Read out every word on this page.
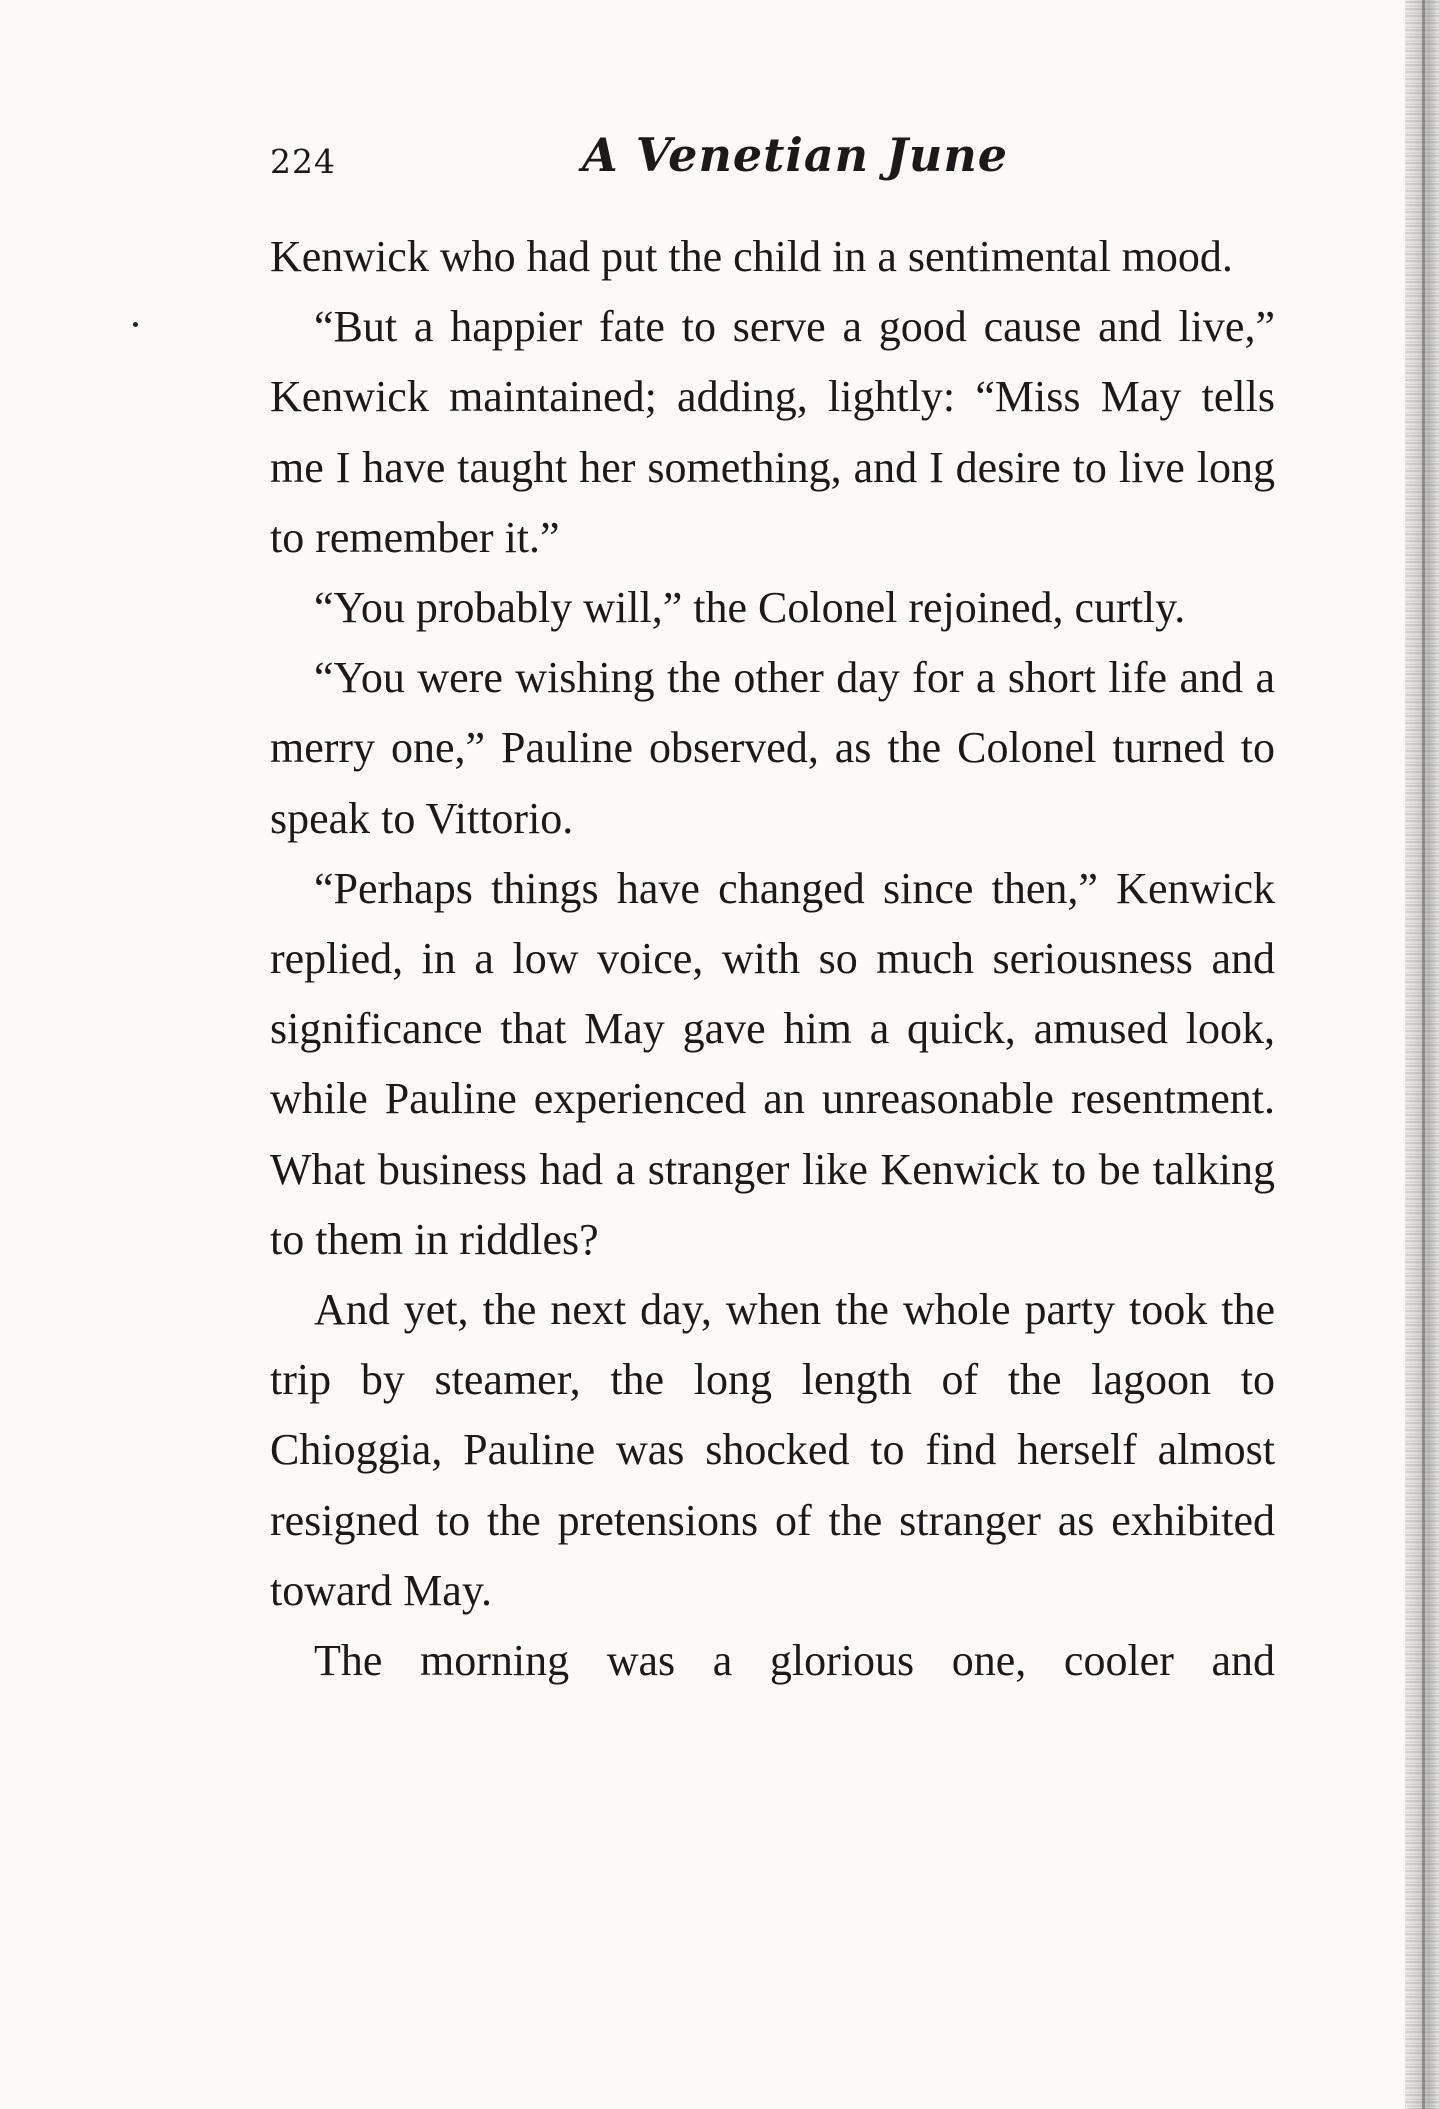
224	A Venetian June

Kenwick who had put the child in a sentimental mood.

“But a happier fate to serve a good cause and live,” Kenwick maintained; adding, lightly: “Miss May tells me I have taught her something, and I desire to live long to remember it.”

“You probably will,” the Colonel rejoined, curtly.

“You were wishing the other day for a short life and a merry one,” Pauline observed, as the Colonel turned to speak to Vittorio.

“Perhaps things have changed since then,” Kenwick replied, in a low voice, with so much seriousness and significance that May gave him a quick, amused look, while Pauline experienced an unreasonable resentment. What business had a stranger like Kenwick to be talking to them in riddles?

And yet, the next day, when the whole party took the trip by steamer, the long length of the lagoon to Chioggia, Pauline was shocked to find herself almost resigned to the pretensions of the stranger as exhibited toward May.

The morning was a glorious one, cooler and
